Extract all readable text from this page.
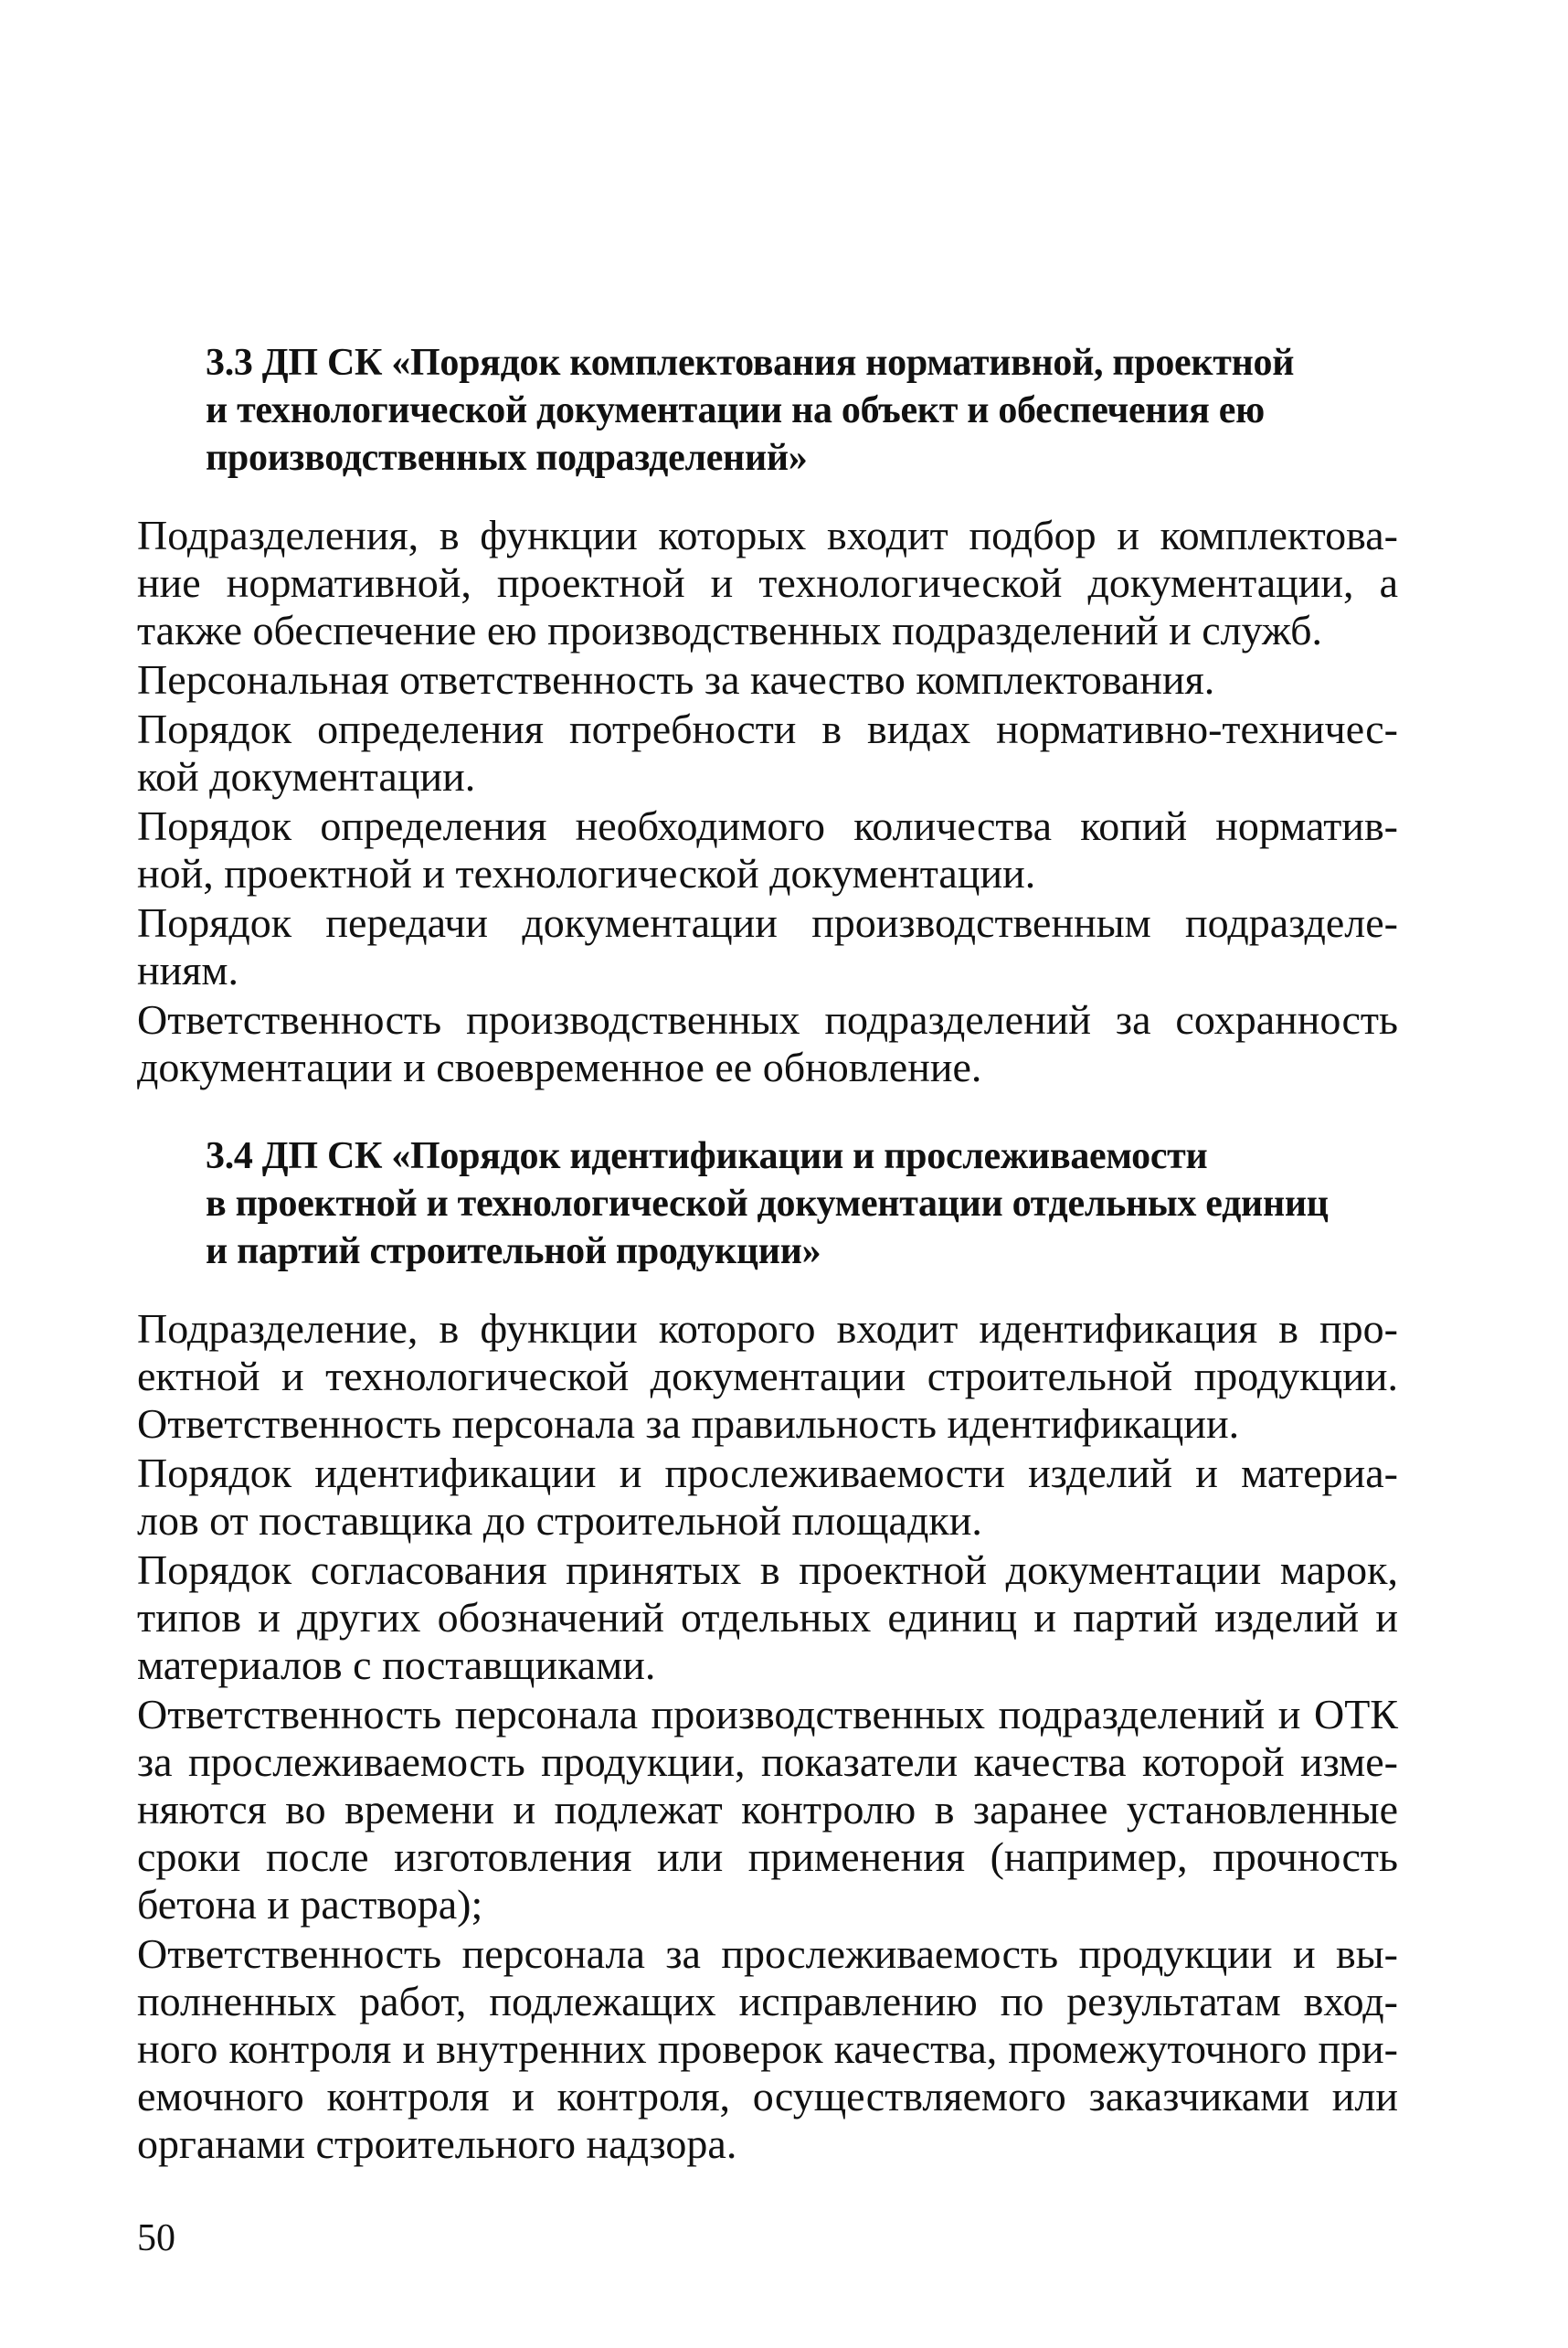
3.3 ДП СК «Порядок комплектования нормативной, проектной
и технологической документации на объект и обеспечения ею
производственных подразделений»
Подразделения, в функции которых входит подбор и комплектова-
ние нормативной, проектной и технологической документации, а
также обеспечение ею производственных подразделений и служб.
Персональная ответственность за качество комплектования.
Порядок определения потребности в видах нормативно-техничес-
кой документации.
Порядок определения необходимого количества копий норматив-
ной, проектной и технологической документации.
Порядок передачи документации производственным подразделе-
ниям.
Ответственность производственных подразделений за сохранность
документации и своевременное ее обновление.
3.4 ДП СК «Порядок идентификации и прослеживаемости
в проектной и технологической документации отдельных единиц
и партий строительной продукции»
Подразделение, в функции которого входит идентификация в про-
ектной и технологической документации строительной продукции.
Ответственность персонала за правильность идентификации.
Порядок идентификации и прослеживаемости изделий и материа-
лов от поставщика до строительной площадки.
Порядок согласования принятых в проектной документации марок,
типов и других обозначений отдельных единиц и партий изделий и
материалов с поставщиками.
Ответственность персонала производственных подразделений и ОТК
за прослеживаемость продукции, показатели качества которой изме-
няются во времени и подлежат контролю в заранее установленные
сроки после изготовления или применения (например, прочность
бетона и раствора);
Ответственность персонала за прослеживаемость продукции и вы-
полненных работ, подлежащих исправлению по результатам вход-
ного контроля и внутренних проверок качества, промежуточного при-
емочного контроля и контроля, осуществляемого заказчиками или
органами строительного надзора.
50
